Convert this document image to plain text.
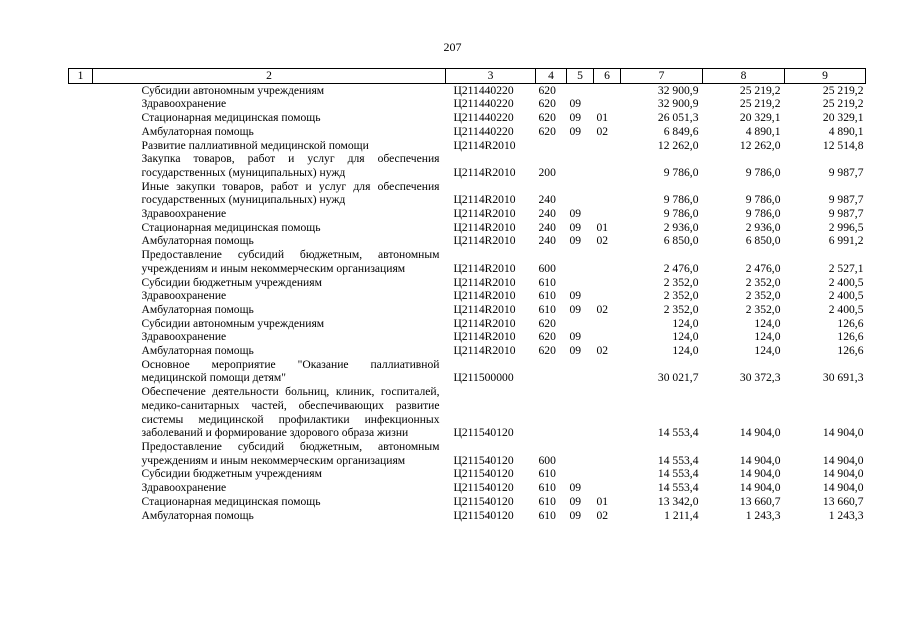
207
1	2	3	4	5	6	7	8	9
	Субсидии автономным учреждениям	Ц211440220	620			32 900,9	25 219,2	25 219,2
	Здравоохранение	Ц211440220	620	09		32 900,9	25 219,2	25 219,2
	Стационарная медицинская помощь	Ц211440220	620	09	01	26 051,3	20 329,1	20 329,1
	Амбулаторная помощь	Ц211440220	620	09	02	6 849,6	4 890,1	4 890,1
	Развитие паллиативной медицинской помощи	Ц2114R2010				12 262,0	12 262,0	12 514,8
	Закупка товаров, работ и услуг для обеспечения государственных (муниципальных) нужд	Ц2114R2010	200			9 786,0	9 786,0	9 987,7
	Иные закупки товаров, работ и услуг для обеспечения государственных (муниципальных) нужд	Ц2114R2010	240			9 786,0	9 786,0	9 987,7
	Здравоохранение	Ц2114R2010	240	09		9 786,0	9 786,0	9 987,7
	Стационарная медицинская помощь	Ц2114R2010	240	09	01	2 936,0	2 936,0	2 996,5
	Амбулаторная помощь	Ц2114R2010	240	09	02	6 850,0	6 850,0	6 991,2
	Предоставление субсидий бюджетным, автономным учреждениям и иным некоммерческим организациям	Ц2114R2010	600			2 476,0	2 476,0	2 527,1
	Субсидии бюджетным учреждениям	Ц2114R2010	610			2 352,0	2 352,0	2 400,5
	Здравоохранение	Ц2114R2010	610	09		2 352,0	2 352,0	2 400,5
	Амбулаторная помощь	Ц2114R2010	610	09	02	2 352,0	2 352,0	2 400,5
	Субсидии автономным учреждениям	Ц2114R2010	620			124,0	124,0	126,6
	Здравоохранение	Ц2114R2010	620	09		124,0	124,0	126,6
	Амбулаторная помощь	Ц2114R2010	620	09	02	124,0	124,0	126,6
	Основное мероприятие "Оказание паллиативной медицинской помощи детям"	Ц211500000				30 021,7	30 372,3	30 691,3
	Обеспечение деятельности больниц, клиник, госпиталей, медико-санитарных частей, обеспечивающих развитие системы медицинской профилактики инфекционных заболеваний и формирование здорового образа жизни	Ц211540120				14 553,4	14 904,0	14 904,0
	Предоставление субсидий бюджетным, автономным учреждениям и иным некоммерческим организациям	Ц211540120	600			14 553,4	14 904,0	14 904,0
	Субсидии бюджетным учреждениям	Ц211540120	610			14 553,4	14 904,0	14 904,0
	Здравоохранение	Ц211540120	610	09		14 553,4	14 904,0	14 904,0
	Стационарная медицинская помощь	Ц211540120	610	09	01	13 342,0	13 660,7	13 660,7
	Амбулаторная помощь	Ц211540120	610	09	02	1 211,4	1 243,3	1 243,3
